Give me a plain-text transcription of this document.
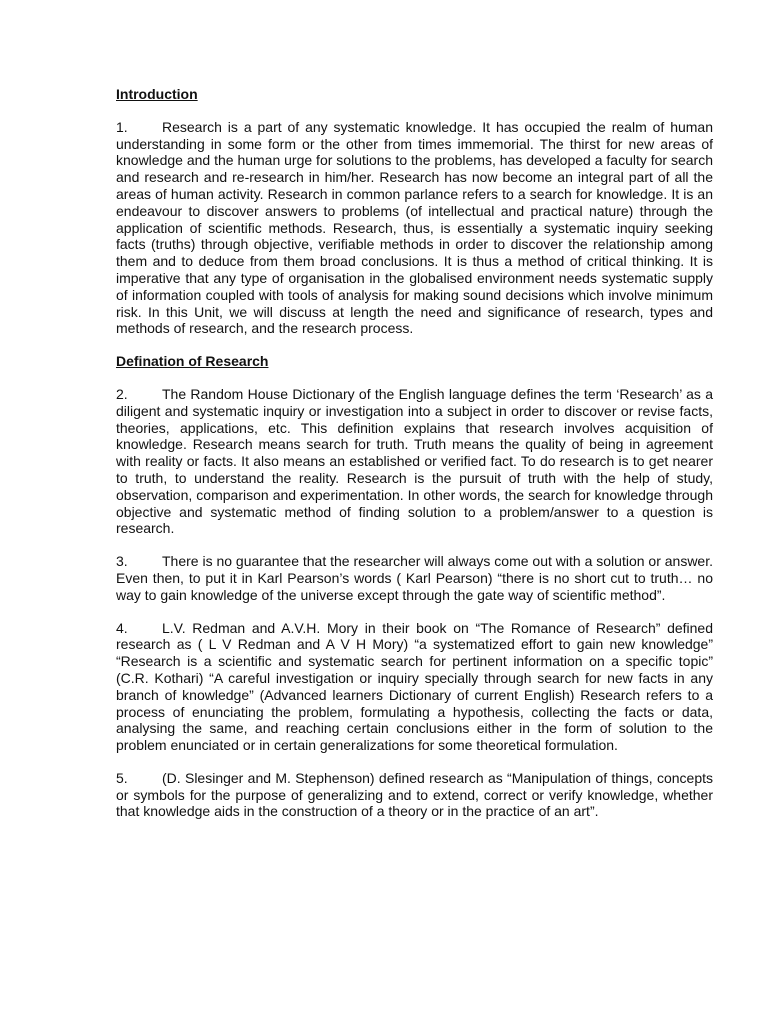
Introduction

1. Research is a part of any systematic knowledge. It has occupied the realm of human understanding in some form or the other from times immemorial. The thirst for new areas of knowledge and the human urge for solutions to the problems, has developed a faculty for search and research and re-research in him/her. Research has now become an integral part of all the areas of human activity. Research in common parlance refers to a search for knowledge. It is an endeavour to discover answers to problems (of intellectual and practical nature) through the application of scientific methods. Research, thus, is essentially a systematic inquiry seeking facts (truths) through objective, verifiable methods in order to discover the relationship among them and to deduce from them broad conclusions. It is thus a method of critical thinking. It is imperative that any type of organisation in the globalised environment needs systematic supply of information coupled with tools of analysis for making sound decisions which involve minimum risk. In this Unit, we will discuss at length the need and significance of research, types and methods of research, and the research process.

Defination of Research

2. The Random House Dictionary of the English language defines the term ‘Research’ as a diligent and systematic inquiry or investigation into a subject in order to discover or revise facts, theories, applications, etc. This definition explains that research involves acquisition of knowledge. Research means search for truth. Truth means the quality of being in agreement with reality or facts. It also means an established or verified fact. To do research is to get nearer to truth, to understand the reality. Research is the pursuit of truth with the help of study, observation, comparison and experimentation. In other words, the search for knowledge through objective and systematic method of finding solution to a problem/answer to a question is research.

3. There is no guarantee that the researcher will always come out with a solution or answer. Even then, to put it in Karl Pearson’s words ( Karl Pearson) “there is no short cut to truth… no way to gain knowledge of the universe except through the gate way of scientific method”.

4. L.V. Redman and A.V.H. Mory in their book on “The Romance of Research” defined research as ( L V Redman and A V H Mory) “a systematized effort to gain new knowledge” “Research is a scientific and systematic search for pertinent information on a specific topic” (C.R. Kothari) “A careful investigation or inquiry specially through search for new facts in any branch of knowledge” (Advanced learners Dictionary of current English) Research refers to a process of enunciating the problem, formulating a hypothesis, collecting the facts or data, analysing the same, and reaching certain conclusions either in the form of solution to the problem enunciated or in certain generalizations for some theoretical formulation.

5. (D. Slesinger and M. Stephenson) defined research as “Manipulation of things, concepts or symbols for the purpose of generalizing and to extend, correct or verify knowledge, whether that knowledge aids in the construction of a theory or in the practice of an art”.
